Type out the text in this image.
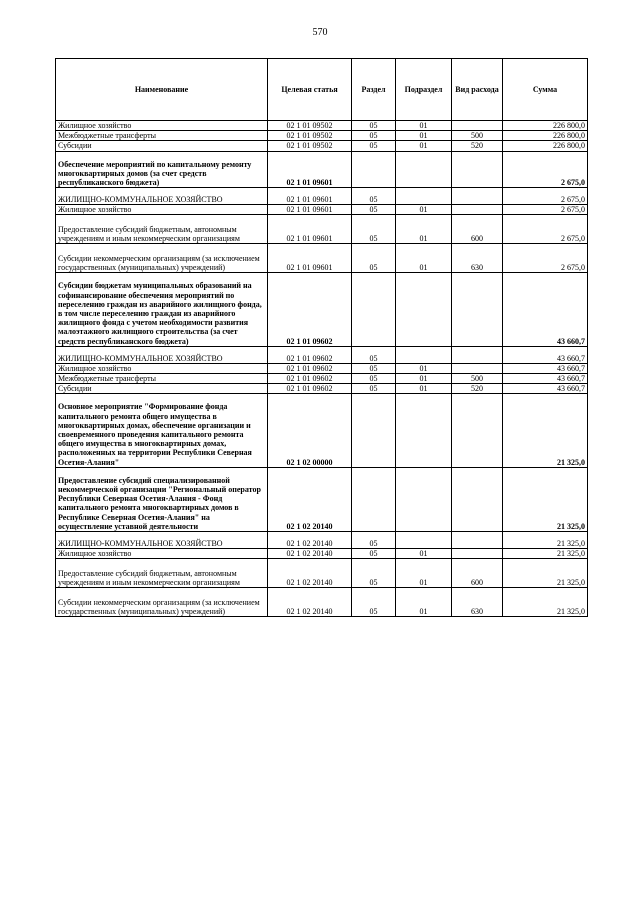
570
Наименование	Целевая статья	Раздел	Подраздел	Вид расхода	Сумма
Жилищное хозяйство	02 1 01 09502	05	01		226 800,0
Межбюджетные трансферты	02 1 01 09502	05	01	500	226 800,0
Субсидии	02 1 01 09502	05	01	520	226 800,0
Обеспечение мероприятий по капитальному ремонту многоквартирных домов (за счет средств республиканского бюджета)	02 1 01 09601				2 675,0
ЖИЛИЩНО-КОММУНАЛЬНОЕ ХОЗЯЙСТВО	02 1 01 09601	05			2 675,0
Жилищное хозяйство	02 1 01 09601	05	01		2 675,0
Предоставление субсидий бюджетным, автономным учреждениям и иным некоммерческим организациям	02 1 01 09601	05	01	600	2 675,0
Субсидии некоммерческим организациям (за исключением государственных (муниципальных) учреждений)	02 1 01 09601	05	01	630	2 675,0
Субсидии бюджетам муниципальных образований на софинансирование обеспечения мероприятий по переселению граждан из аварийного жилищного фонда, в том числе переселению граждан из аварийного жилищного фонда с учетом необходимости развития малоэтажного жилищного строительства (за счет средств республиканского бюджета)	02 1 01 09602				43 660,7
ЖИЛИЩНО-КОММУНАЛЬНОЕ ХОЗЯЙСТВО	02 1 01 09602	05			43 660,7
Жилищное хозяйство	02 1 01 09602	05	01		43 660,7
Межбюджетные трансферты	02 1 01 09602	05	01	500	43 660,7
Субсидии	02 1 01 09602	05	01	520	43 660,7
Основное мероприятие "Формирование фонда капитального ремонта общего имущества в многоквартирных домах, обеспечение организации и своевременного проведения капитального ремонта общего имущества в многоквартирных домах, расположенных на территории Республики Северная Осетия-Алания"	02 1 02 00000				21 325,0
Предоставление субсидий специализированной некоммерческой организации "Региональный оператор Республики Северная Осетия-Алания - Фонд капитального ремонта многоквартирных домов в Республике Северная Осетия-Алания" на осуществление уставной деятельности	02 1 02 20140				21 325,0
ЖИЛИЩНО-КОММУНАЛЬНОЕ ХОЗЯЙСТВО	02 1 02 20140	05			21 325,0
Жилищное хозяйство	02 1 02 20140	05	01		21 325,0
Предоставление субсидий бюджетным, автономным учреждениям и иным некоммерческим организациям	02 1 02 20140	05	01	600	21 325,0
Субсидии некоммерческим организациям (за исключением государственных (муниципальных) учреждений)	02 1 02 20140	05	01	630	21 325,0
